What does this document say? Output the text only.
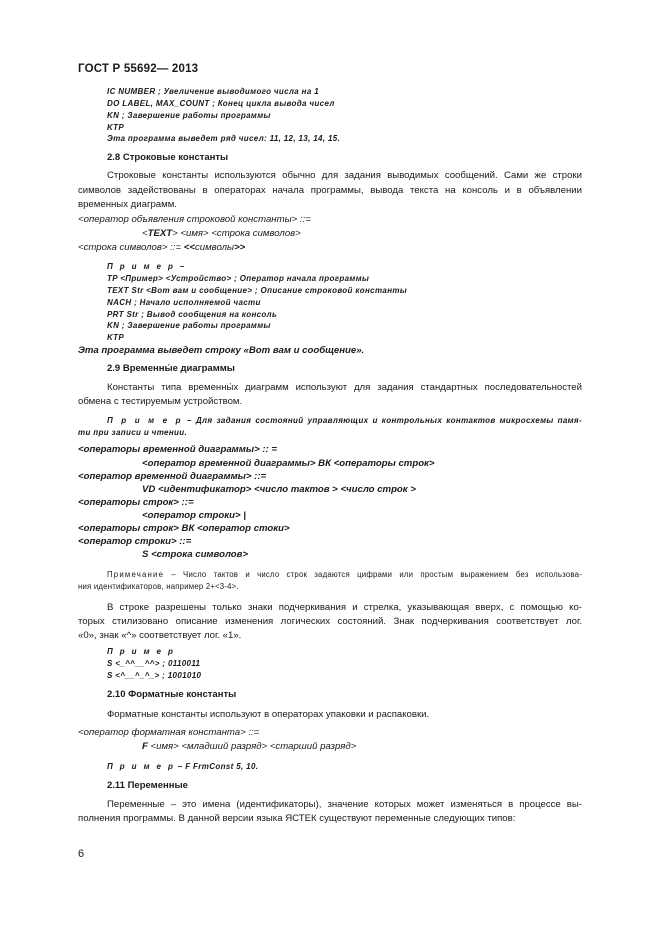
ГОСТ Р 55692— 2013
IC NUMBER ; Увеличение выводимого числа на 1
DO LABEL, MAX_COUNT ; Конец цикла вывода чисел
KN ; Завершение работы программы
KTP
Эта программа выведет ряд чисел: 11, 12, 13, 14, 15.
2.8 Строковые константы
Строковые константы используются обычно для задания выводимых сообщений. Сами же строки
символов задействованы в операторах начала программы, вывода текста на консоль и в объявлении
временных диаграмм.
<оператор объявления строковой константы> ::=
<TEXT> <имя> <строка символов>
<строка символов> ::= <<символы>>
П р и м е р –
TP <Пример> <Устройство> ; Оператор начала программы
TEXT Str <Вот вам и сообщение> ; Описание строковой константы
NACH ; Начало исполняемой части
PRT Str ; Вывод сообщения на консоль
KN ; Завершение работы программы
KTP
Эта программа выведет строку «Вот вам и сообщение».
2.9 Временны́е диаграммы
Константы типа временны́х диаграмм используют для задания стандартных последовательностей
обмена с тестируемым устройством.
П р и м е р – Для задания состояний управляющих и контрольных контактов микросхемы памя-
ти при записи и чтении.
<операторы временной диаграммы> :: =
<оператор временной диаграммы> ВК <операторы строк>
<оператор временной диаграммы> ::=
VD <идентификатор> <число тактов > <число строк >
<операторы строк> ::=
<оператор строки> |
<операторы строк> ВК <оператор стоки>
<оператор строки> ::=
S <строка символов>
Примечание – Число тактов и число строк задаются цифрами или простым выражением без использова-
ния идентификаторов, например 2+<3-4>.
В строке разрешены только знаки подчеркивания и стрелка, указывающая вверх, с помощью ко-
торых стилизовано описание изменения логических состояний. Знак подчеркивания соответствует лог.
«0», знак «^» соответствует лог. «1».
П р и м е р
S <_^^__^^> ; 0110011
S <^__^_^_> ; 1001010
2.10 Форматные константы
Форматные константы используют в операторах упаковки и распаковки.
<оператор форматная константа> ::=
F <имя> <младший разряд> <старший разряд>
П р и м е р – F FrmConst 5, 10.
2.11 Переменные
Переменные – это имена (идентификаторы), значение которых может изменяться в процессе вы-
полнения программы. В данной версии языка ЯСТЕК существуют переменные следующих типов:
6
